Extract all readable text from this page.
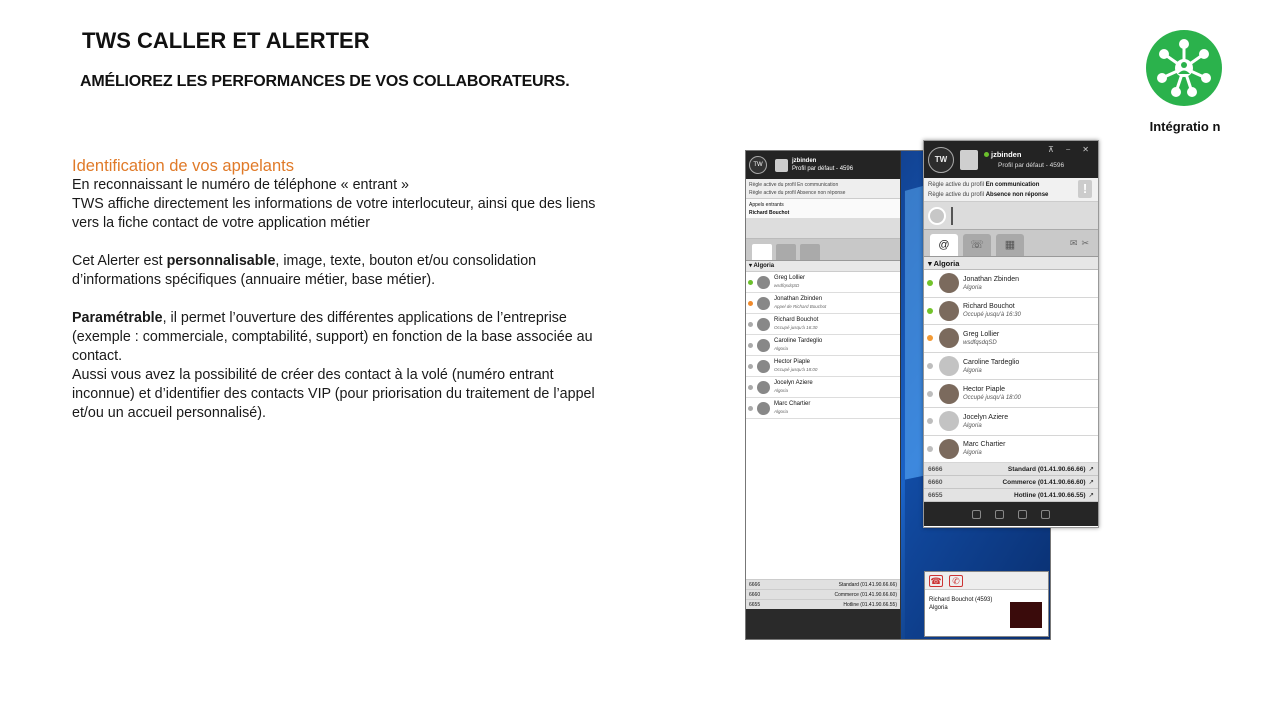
TWS CALLER ET ALERTER
AMÉLIOREZ LES PERFORMANCES DE VOS COLLABORATEURS.
Intégratio n

Identification de vos appelants

En reconnaissant le numéro de téléphone « entrant »

TWS affiche directement les informations de votre interlocuteur, ainsi que des liens vers la fiche contact de votre application métier

Cet Alerter est personnalisable, image, texte, bouton et/ou consolidation d’informations spécifiques (annuaire métier, base métier).

Paramétrable, il permet l’ouverture des différentes applications de l’entreprise (exemple : commerciale, comptabilité, support) en fonction de la base associée au contact.

Aussi vous avez la possibilité de créer des contact à la volé (numéro entrant inconnue) et d’identifier des contacts VIP (pour priorisation du traitement de l’appel et/ou un accueil personnalisé).

TW
jzbinden
Profil par défaut - 4596
Règle active du profil En communication
Règle active du profil Absence non réponse
Appels entrants
Richard Bouchot
▾ Algoria
Greg Lollier
wsdfqsdqSD
Jonathan Zbinden
Appel de Richard Bouchot
Richard Bouchot
Occupé jusqu'à 16:30
Caroline Tardeglio
Algoria
Hector Piaple
Occupé jusqu'à 18:00
Jocelyn Aziere
Algoria
Marc Chartier
Algoria
6666	Standard (01.41.90.66.66)
6660	Commerce (01.41.90.66.60)
6655	Hotline (01.41.90.66.55)
☎	✆
Richard Bouchot (4593)
Algoria
TW
jzbinden
Profil par défaut - 4596
⊼ ⎯ ✕
Règle active du profil En communication
Règle active du profil Absence non réponse	!
@	☏	▦	✉✂
▾ Algoria
Jonathan Zbinden
Algoria
Richard Bouchot
Occupé jusqu'à 16:30
Greg Lollier
wsdfqsdqSD
Caroline Tardeglio
Algoria
Hector Piaple
Occupé jusqu'à 18:00
Jocelyn Aziere
Algoria
Marc Chartier
Algoria
6666	Standard (01.41.90.66.66) ↗
6660	Commerce (01.41.90.66.60) ↗
6655	Hotline (01.41.90.66.55) ↗
